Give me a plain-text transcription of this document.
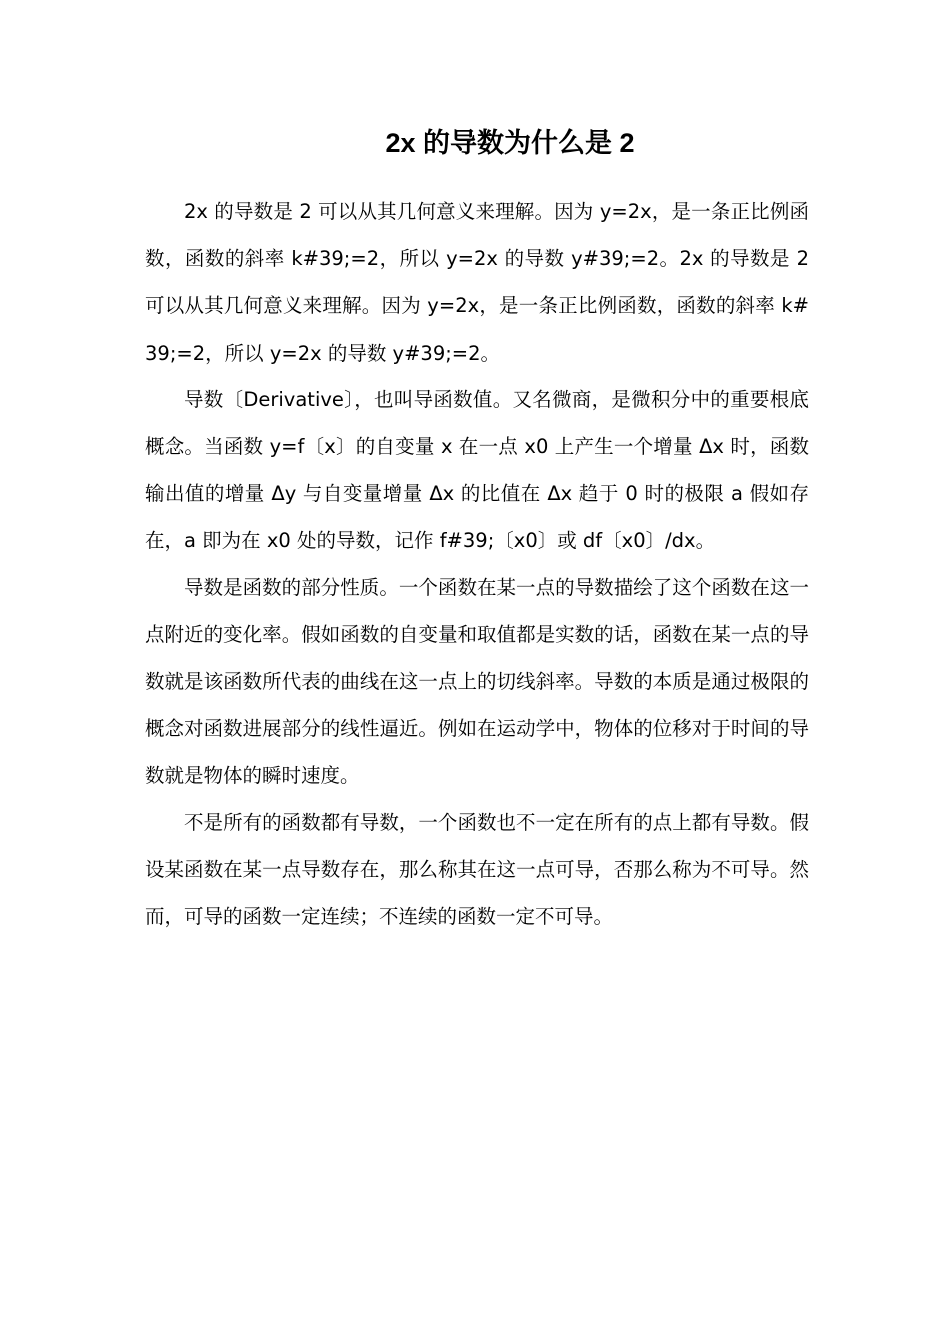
2x 的导数为什么是 2

2x 的导数是 2 可以从其几何意义来理解。因为 y=2x，是一条正比例函数，函数的斜率 k#39;=2，所以 y=2x 的导数 y#39;=2。2x 的导数是 2 可以从其几何意义来理解。因为 y=2x，是一条正比例函数，函数的斜率 k#39;=2，所以 y=2x 的导数 y#39;=2。

导数〔Derivative〕，也叫导函数值。又名微商，是微积分中的重要根底概念。当函数 y=f〔x〕的自变量 x 在一点 x0 上产生一个增量 Δx 时，函数输出值的增量 Δy 与自变量增量 Δx 的比值在 Δx 趋于 0 时的极限 a 假如存在，a 即为在 x0 处的导数，记作 f#39;〔x0〕或 df〔x0〕/dx。

导数是函数的部分性质。一个函数在某一点的导数描绘了这个函数在这一点附近的变化率。假如函数的自变量和取值都是实数的话，函数在某一点的导数就是该函数所代表的曲线在这一点上的切线斜率。导数的本质是通过极限的概念对函数进展部分的线性逼近。例如在运动学中，物体的位移对于时间的导数就是物体的瞬时速度。

不是所有的函数都有导数，一个函数也不一定在所有的点上都有导数。假设某函数在某一点导数存在，那么称其在这一点可导，否那么称为不可导。然而，可导的函数一定连续；不连续的函数一定不可导。
